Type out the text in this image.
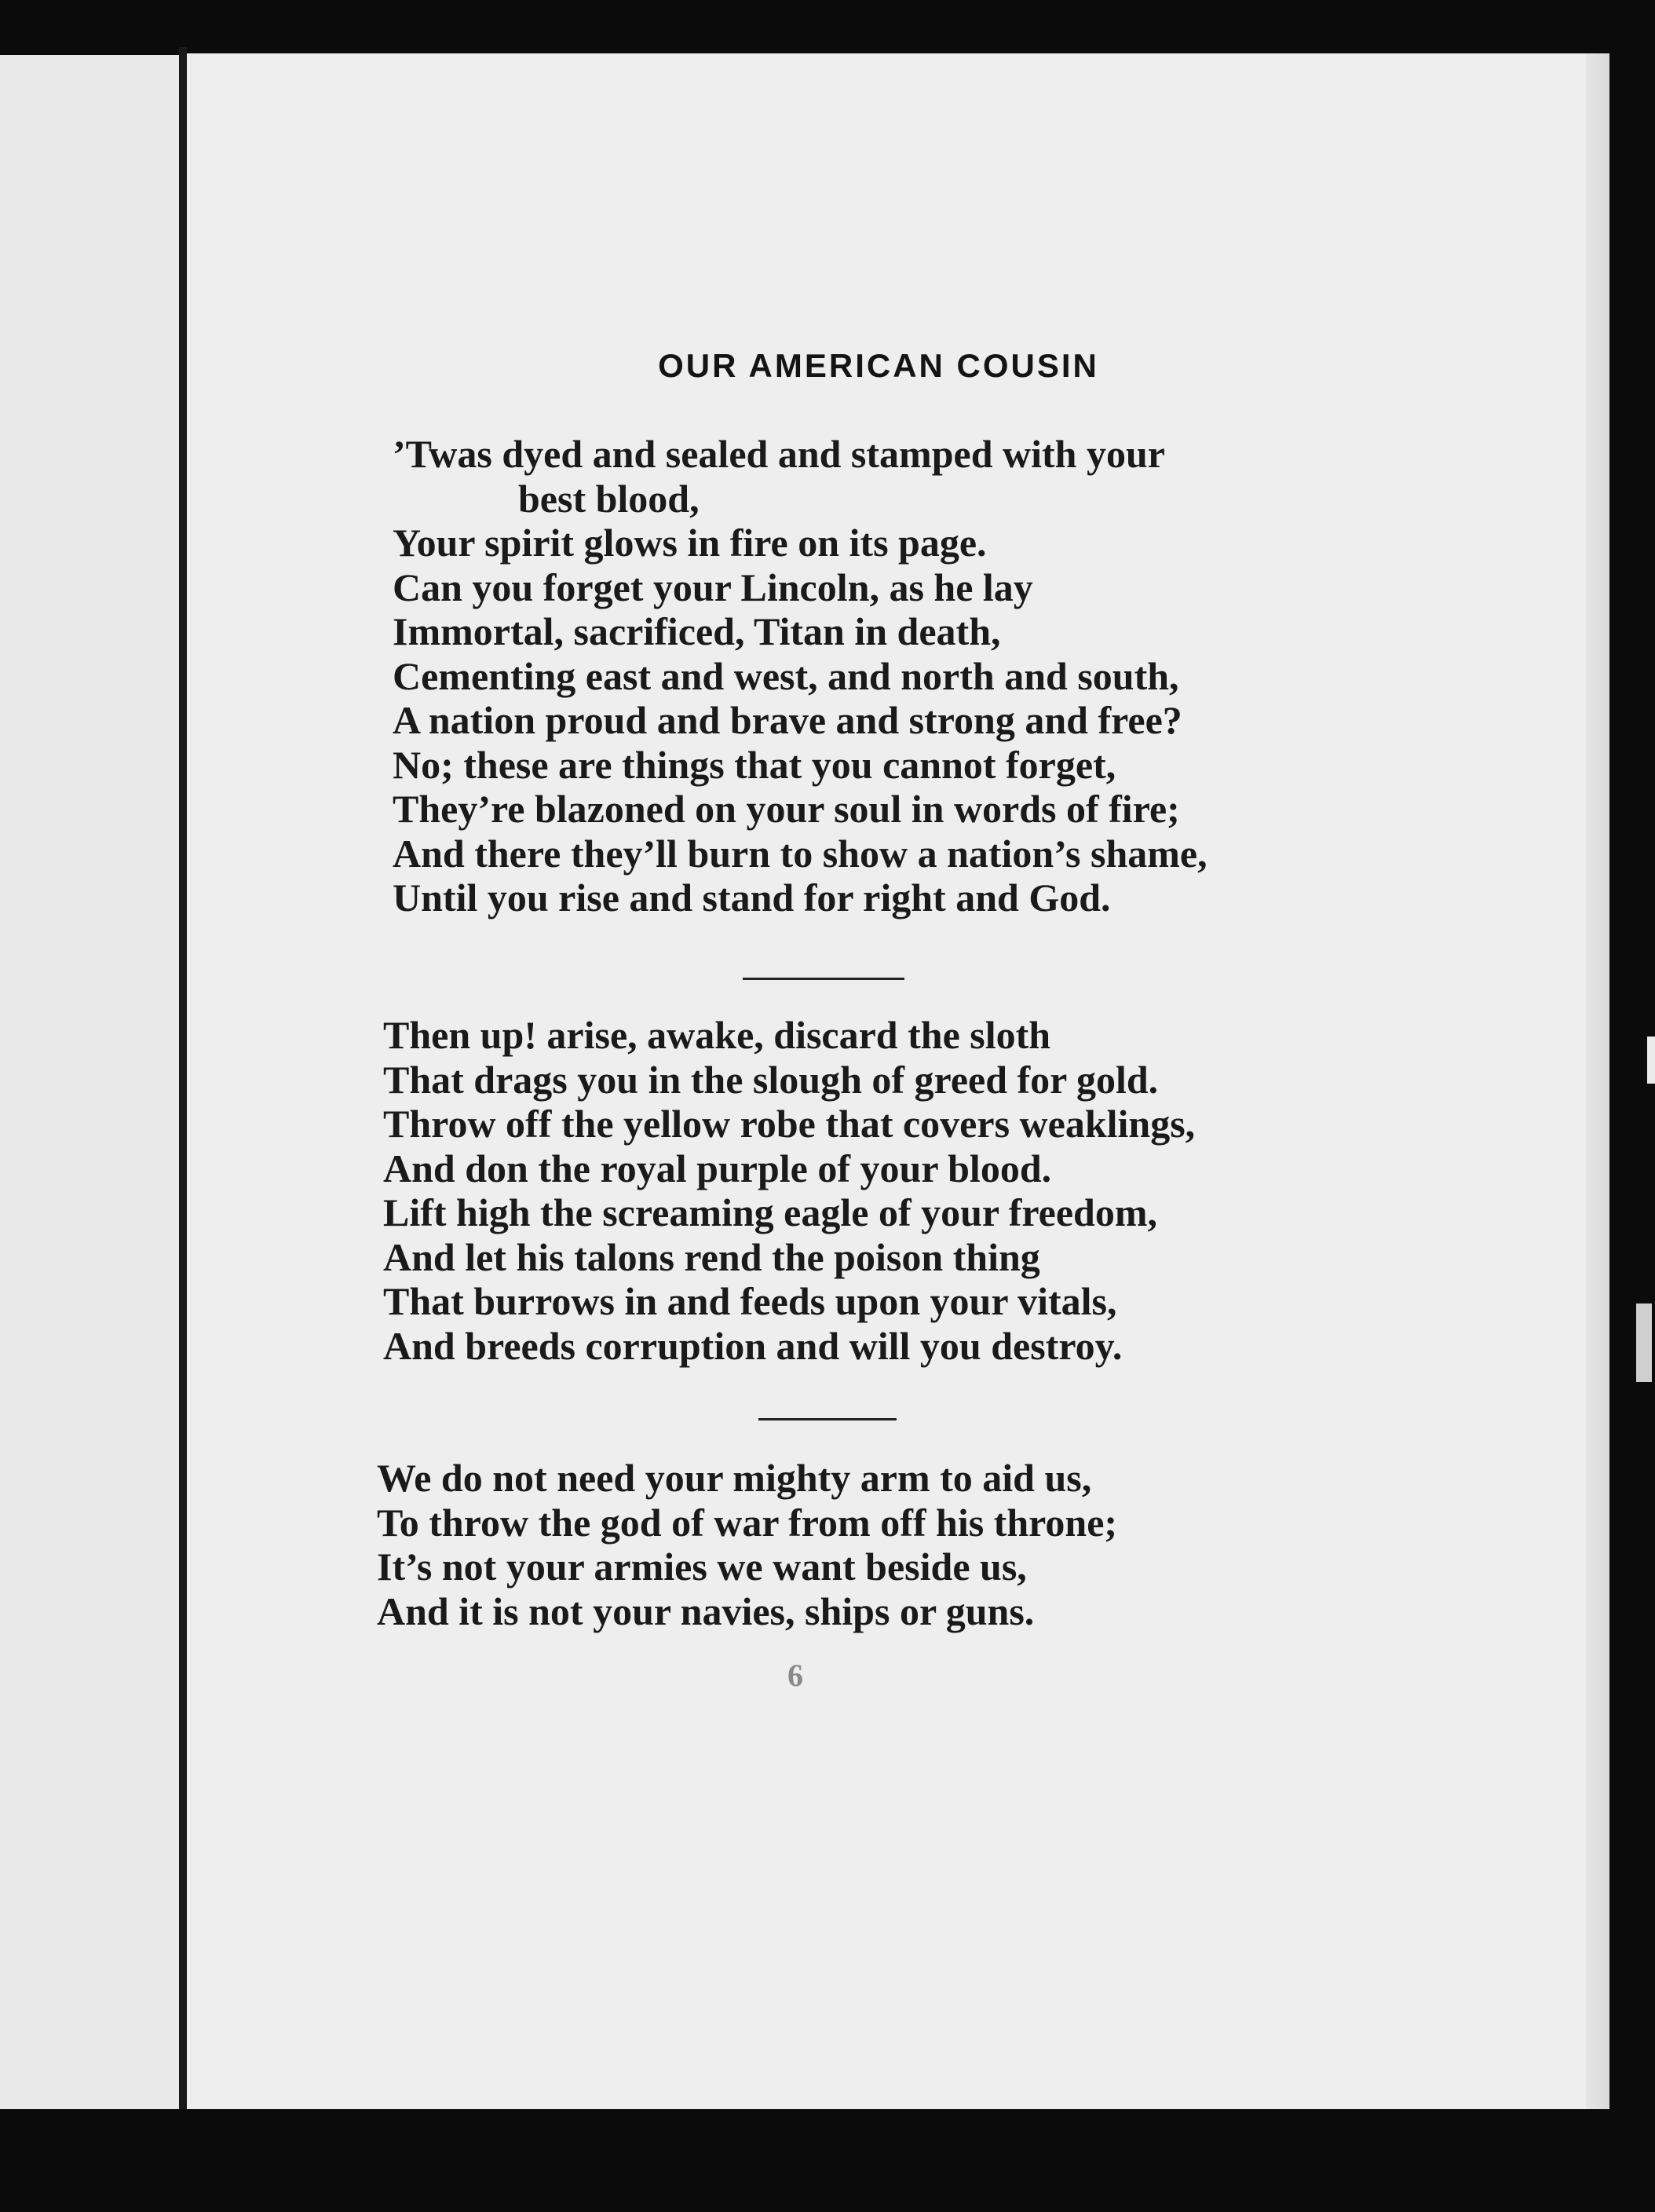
OUR AMERICAN COUSIN
’Twas dyed and sealed and stamped with your
best blood,
Your spirit glows in fire on its page.
Can you forget your Lincoln, as he lay
Immortal, sacrificed, Titan in death,
Cementing east and west, and north and south,
A nation proud and brave and strong and free?
No; these are things that you cannot forget,
They’re blazoned on your soul in words of fire;
And there they’ll burn to show a nation’s shame,
Until you rise and stand for right and God.
Then up! arise, awake, discard the sloth
That drags you in the slough of greed for gold.
Throw off the yellow robe that covers weaklings,
And don the royal purple of your blood.
Lift high the screaming eagle of your freedom,
And let his talons rend the poison thing
That burrows in and feeds upon your vitals,
And breeds corruption and will you destroy.
We do not need your mighty arm to aid us,
To throw the god of war from off his throne;
It’s not your armies we want beside us,
And it is not your navies, ships or guns.
6
